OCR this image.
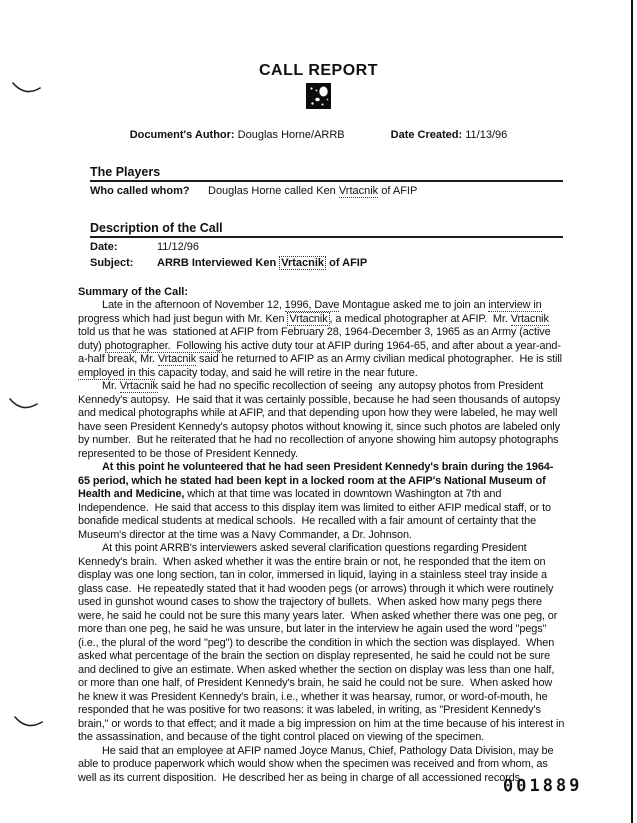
CALL REPORT
Document's Author: Douglas Horne/ARRB	Date Created: 11/13/96
The Players
Who called whom?	Douglas Horne called Ken Vrtacnik of AFIP
Description of the Call
Date:	11/12/96
Subject:	ARRB Interviewed Ken Vrtacnik of AFIP
Summary of the Call:

Late in the afternoon of November 12, 1996, Dave Montague asked me to join an interview in progress which had just begun with Mr. Ken Vrtacnik , a medical photographer at AFIP.  Mr. Vrtacnik told us that he was  stationed at AFIP from February 28, 1964-December 3, 1965 as an Army (active duty) photographer.  Following his active duty tour at AFIP during 1964-65, and after about a year-and-a-half break, Mr. Vrtacnik said he returned to AFIP as an Army civilian medical photographer.  He is still employed in this capacity today, and said he will retire in the near future.

Mr. Vrtacnik said he had no specific recollection of seeing  any autopsy photos from President Kennedy's autopsy.  He said that it was certainly possible, because he had seen thousands of autopsy and medical photographs while at AFIP, and that depending upon how they were labeled, he may well have seen President Kennedy's autopsy photos without knowing it, since such photos are labeled only by number.  But he reiterated that he had no recollection of anyone showing him autopsy photographs represented to be those of President Kennedy.

At this point he volunteered that he had seen President Kennedy's brain during the 1964-65 period, which he stated had been kept in a locked room at the AFIP's National Museum of Health and Medicine, which at that time was located in downtown Washington at 7th and Independence.  He said that access to this display item was limited to either AFIP medical staff, or to bonafide medical students at medical schools.  He recalled with a fair amount of certainty that the Museum's director at the time was a Navy Commander, a Dr. Johnson.

At this point ARRB's interviewers asked several clarification questions regarding President Kennedy's brain.  When asked whether it was the entire brain or not, he responded that the item on display was one long section, tan in color, immersed in liquid, laying in a stainless steel tray inside a glass case.  He repeatedly stated that it had wooden pegs (or arrows) through it which were routinely used in gunshot wound cases to show the trajectory of bullets.  When asked how many pegs there were, he said he could not be sure this many years later.  When asked whether there was one peg, or more than one peg, he said he was unsure, but later in the interview he again used the word "pegs" (i.e., the plural of the word "peg") to describe the condition in which the section was displayed.  When asked what percentage of the brain the section on display represented, he said he could not be sure and declined to give an estimate. When asked whether the section on display was less than one half, or more than one half, of President Kennedy's brain, he said he could not be sure.  When asked how he knew it was President Kennedy's brain, i.e., whether it was hearsay, rumor, or word-of-mouth, he responded that he was positive for two reasons: it was labeled, in writing, as "President Kennedy's brain," or words to that effect; and it made a big impression on him at the time because of his interest in the assassination, and because of the tight control placed on viewing of the specimen.

He said that an employee at AFIP named Joyce Manus, Chief, Pathology Data Division, may be able to produce paperwork which would show when the specimen was received and from whom, as well as its current disposition.  He described her as being in charge of all accessioned records.

001889
